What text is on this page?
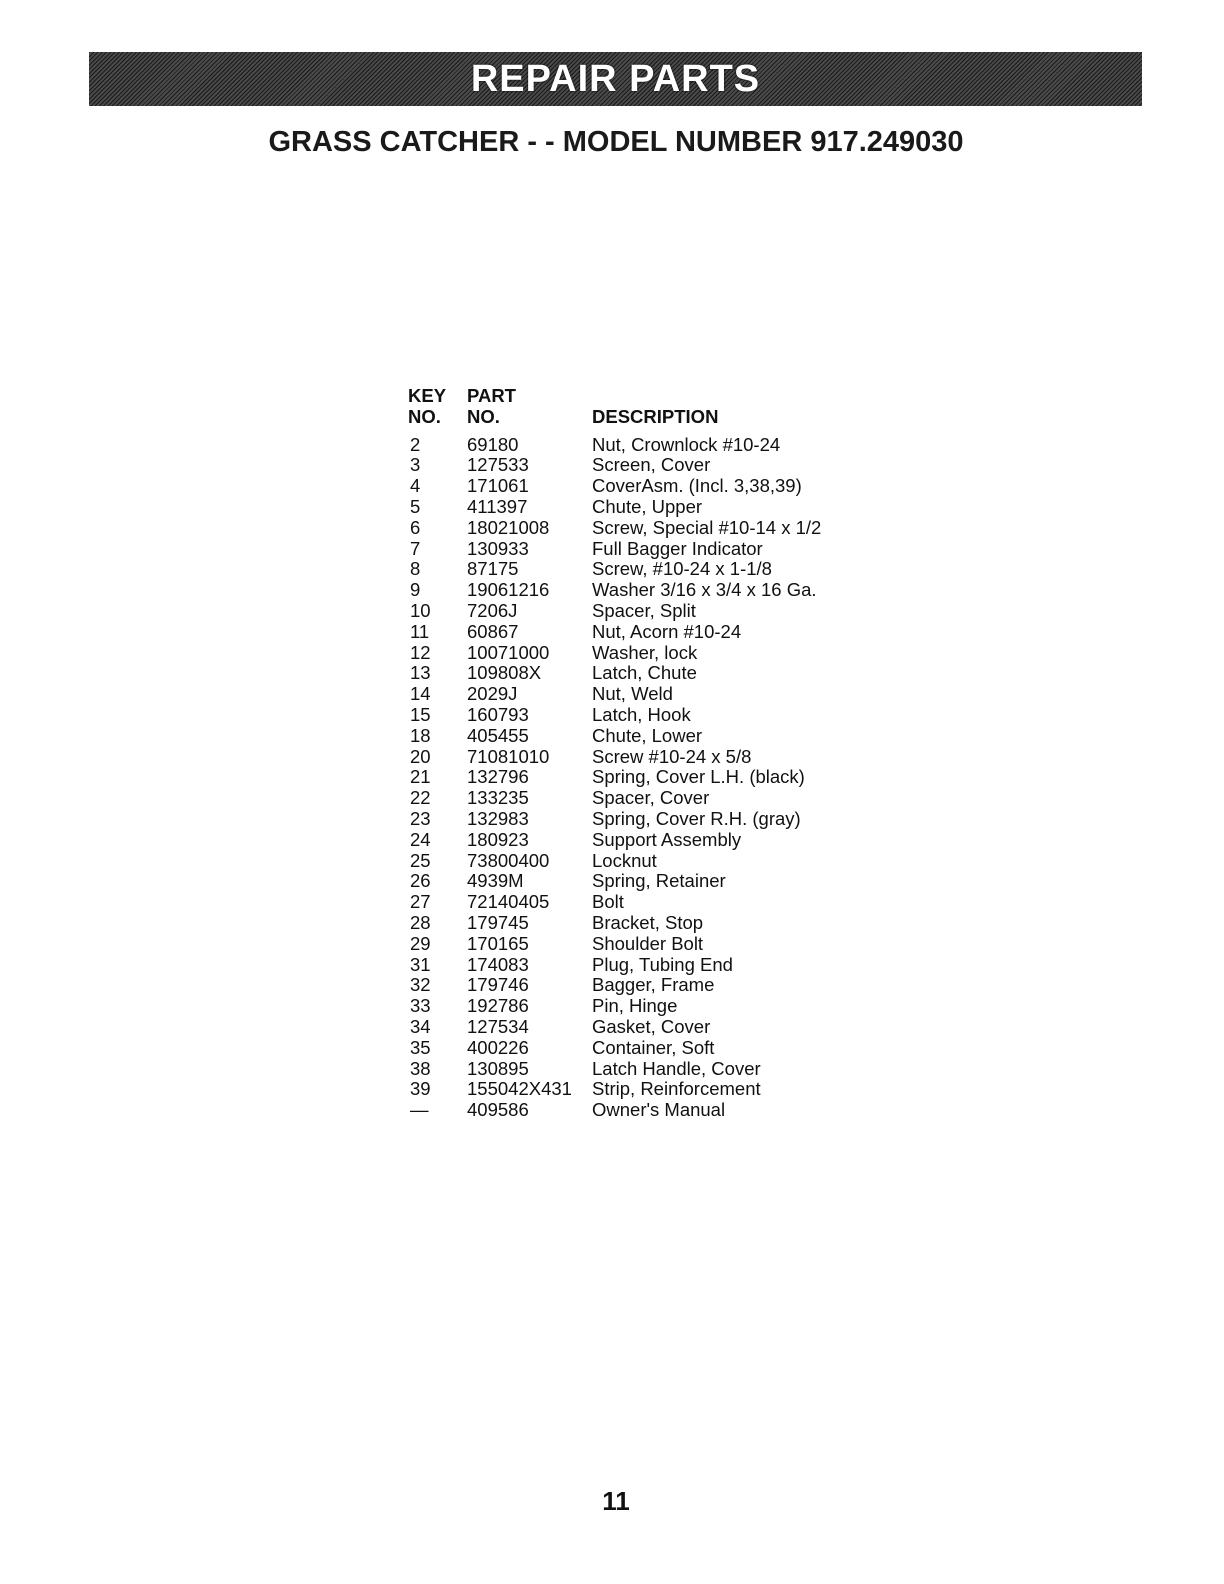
REPAIR PARTS
GRASS CATCHER - - MODEL NUMBER 917.249030
KEY	PART
NO.	NO.	DESCRIPTION
2	69180	Nut, Crownlock #10-24
3	127533	Screen, Cover
4	171061	CoverAsm. (Incl. 3,38,39)
5	411397	Chute, Upper
6	18021008	Screw, Special #10-14 x 1/2
7	130933	Full Bagger Indicator
8	87175	Screw, #10-24 x 1-1/8
9	19061216	Washer 3/16 x 3/4 x 16 Ga.
10	7206J	Spacer, Split
11	60867	Nut, Acorn #10-24
12	10071000	Washer, lock
13	109808X	Latch, Chute
14	2029J	Nut, Weld
15	160793	Latch, Hook
18	405455	Chute, Lower
20	71081010	Screw #10-24 x 5/8
21	132796	Spring, Cover L.H. (black)
22	133235	Spacer, Cover
23	132983	Spring, Cover R.H. (gray)
24	180923	Support Assembly
25	73800400	Locknut
26	4939M	Spring, Retainer
27	72140405	Bolt
28	179745	Bracket, Stop
29	170165	Shoulder Bolt
31	174083	Plug, Tubing End
32	179746	Bagger, Frame
33	192786	Pin, Hinge
34	127534	Gasket, Cover
35	400226	Container, Soft
38	130895	Latch Handle, Cover
39	155042X431	Strip, Reinforcement
—	409586	Owner's Manual
11
